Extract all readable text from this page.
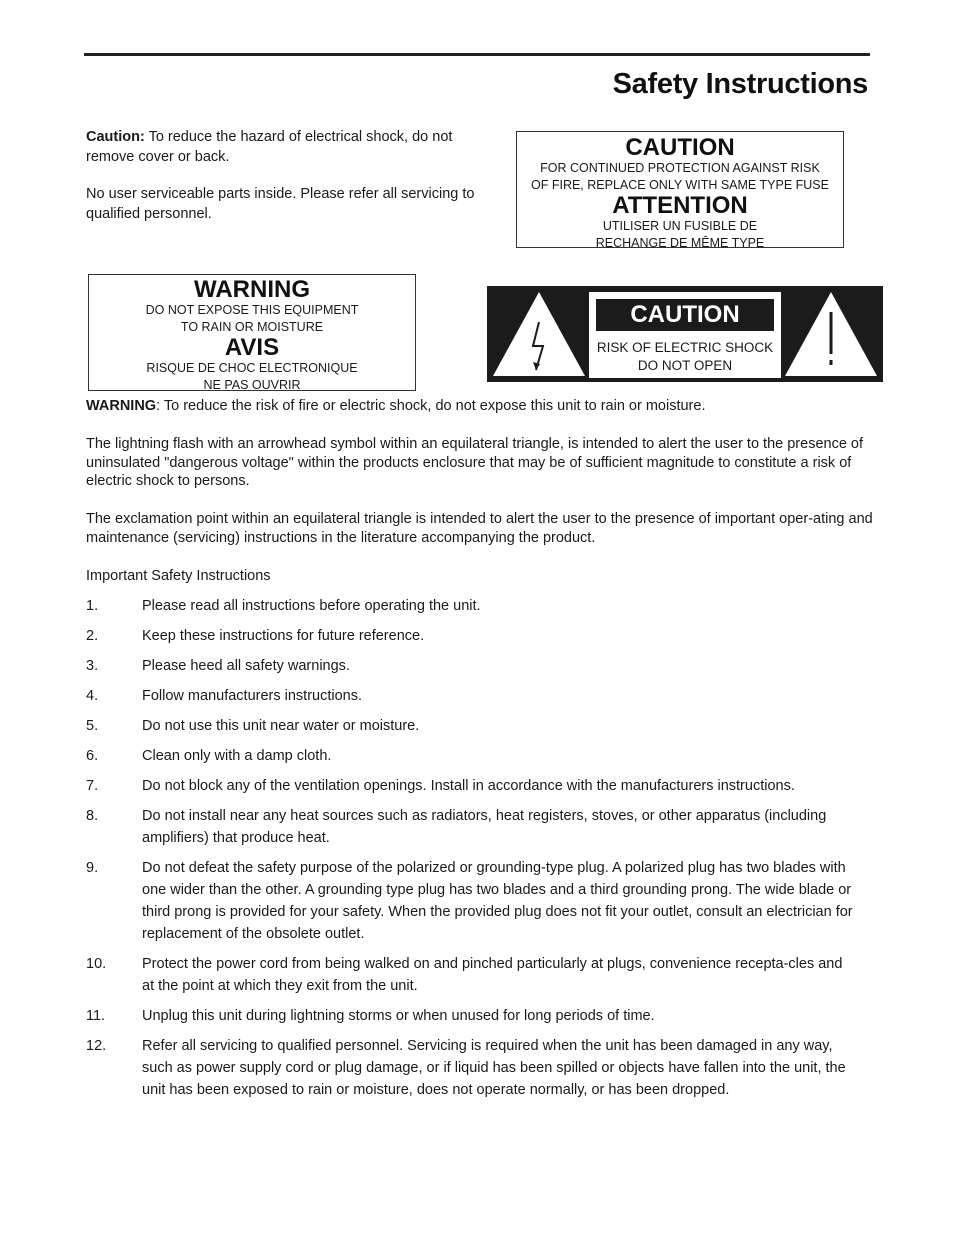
Safety Instructions

Caution: To reduce the hazard of electrical shock, do not remove cover or back.

No user serviceable parts inside. Please refer all servicing to qualified personnel.

CAUTION
FOR CONTINUED PROTECTION AGAINST RISK
OF FIRE, REPLACE ONLY WITH SAME TYPE FUSE
ATTENTION
UTILISER UN FUSIBLE DE
RECHANGE DE MÊME TYPE
WARNING
DO NOT EXPOSE THIS EQUIPMENT
TO RAIN OR MOISTURE
AVIS
RISQUE DE CHOC ELECTRONIQUE
NE PAS OUVRIR
CAUTION
RISK OF ELECTRIC SHOCK
DO NOT OPEN
WARNING: To reduce the risk of fire or electric shock, do not expose this unit to rain or moisture.
The lightning flash with an arrowhead symbol within an equilateral triangle, is intended to alert the user to the presence of uninsulated "dangerous voltage" within the products enclosure that may be of sufficient magnitude to constitute a risk of electric shock to persons.
The exclamation point within an equilateral triangle is intended to alert the user to the presence of important oper-ating and maintenance (servicing) instructions in the literature accompanying the product.
Important Safety Instructions
1.	Please read all instructions before operating the unit.
2.	Keep these instructions for future reference.
3.	Please heed all safety warnings.
4.	Follow manufacturers instructions.
5.	Do not use this unit near water or moisture.
6.	Clean only with a damp cloth.
7.	Do not block any of the ventilation openings. Install in accordance with the manufacturers instructions.
8.	Do not install near any heat sources such as radiators, heat registers, stoves, or other apparatus (including amplifiers) that produce heat.
9.	Do not defeat the safety purpose of the polarized or grounding-type plug. A polarized plug has two blades with one wider than the other. A grounding type plug has two blades and a third grounding prong. The wide blade or third prong is provided for your safety. When the provided plug does not fit your outlet, consult an electrician for replacement of the obsolete outlet.
10.	Protect the power cord from being walked on and pinched particularly at plugs, convenience recepta-cles and at the point at which they exit from the unit.
11.	Unplug this unit during lightning storms or when unused for long periods of time.
12.	Refer all servicing to qualified personnel. Servicing is required when the unit has been damaged in any way, such as power supply cord or plug damage, or if liquid has been spilled or objects have fallen into the unit, the unit has been exposed to rain or moisture, does not operate normally, or has been dropped.
